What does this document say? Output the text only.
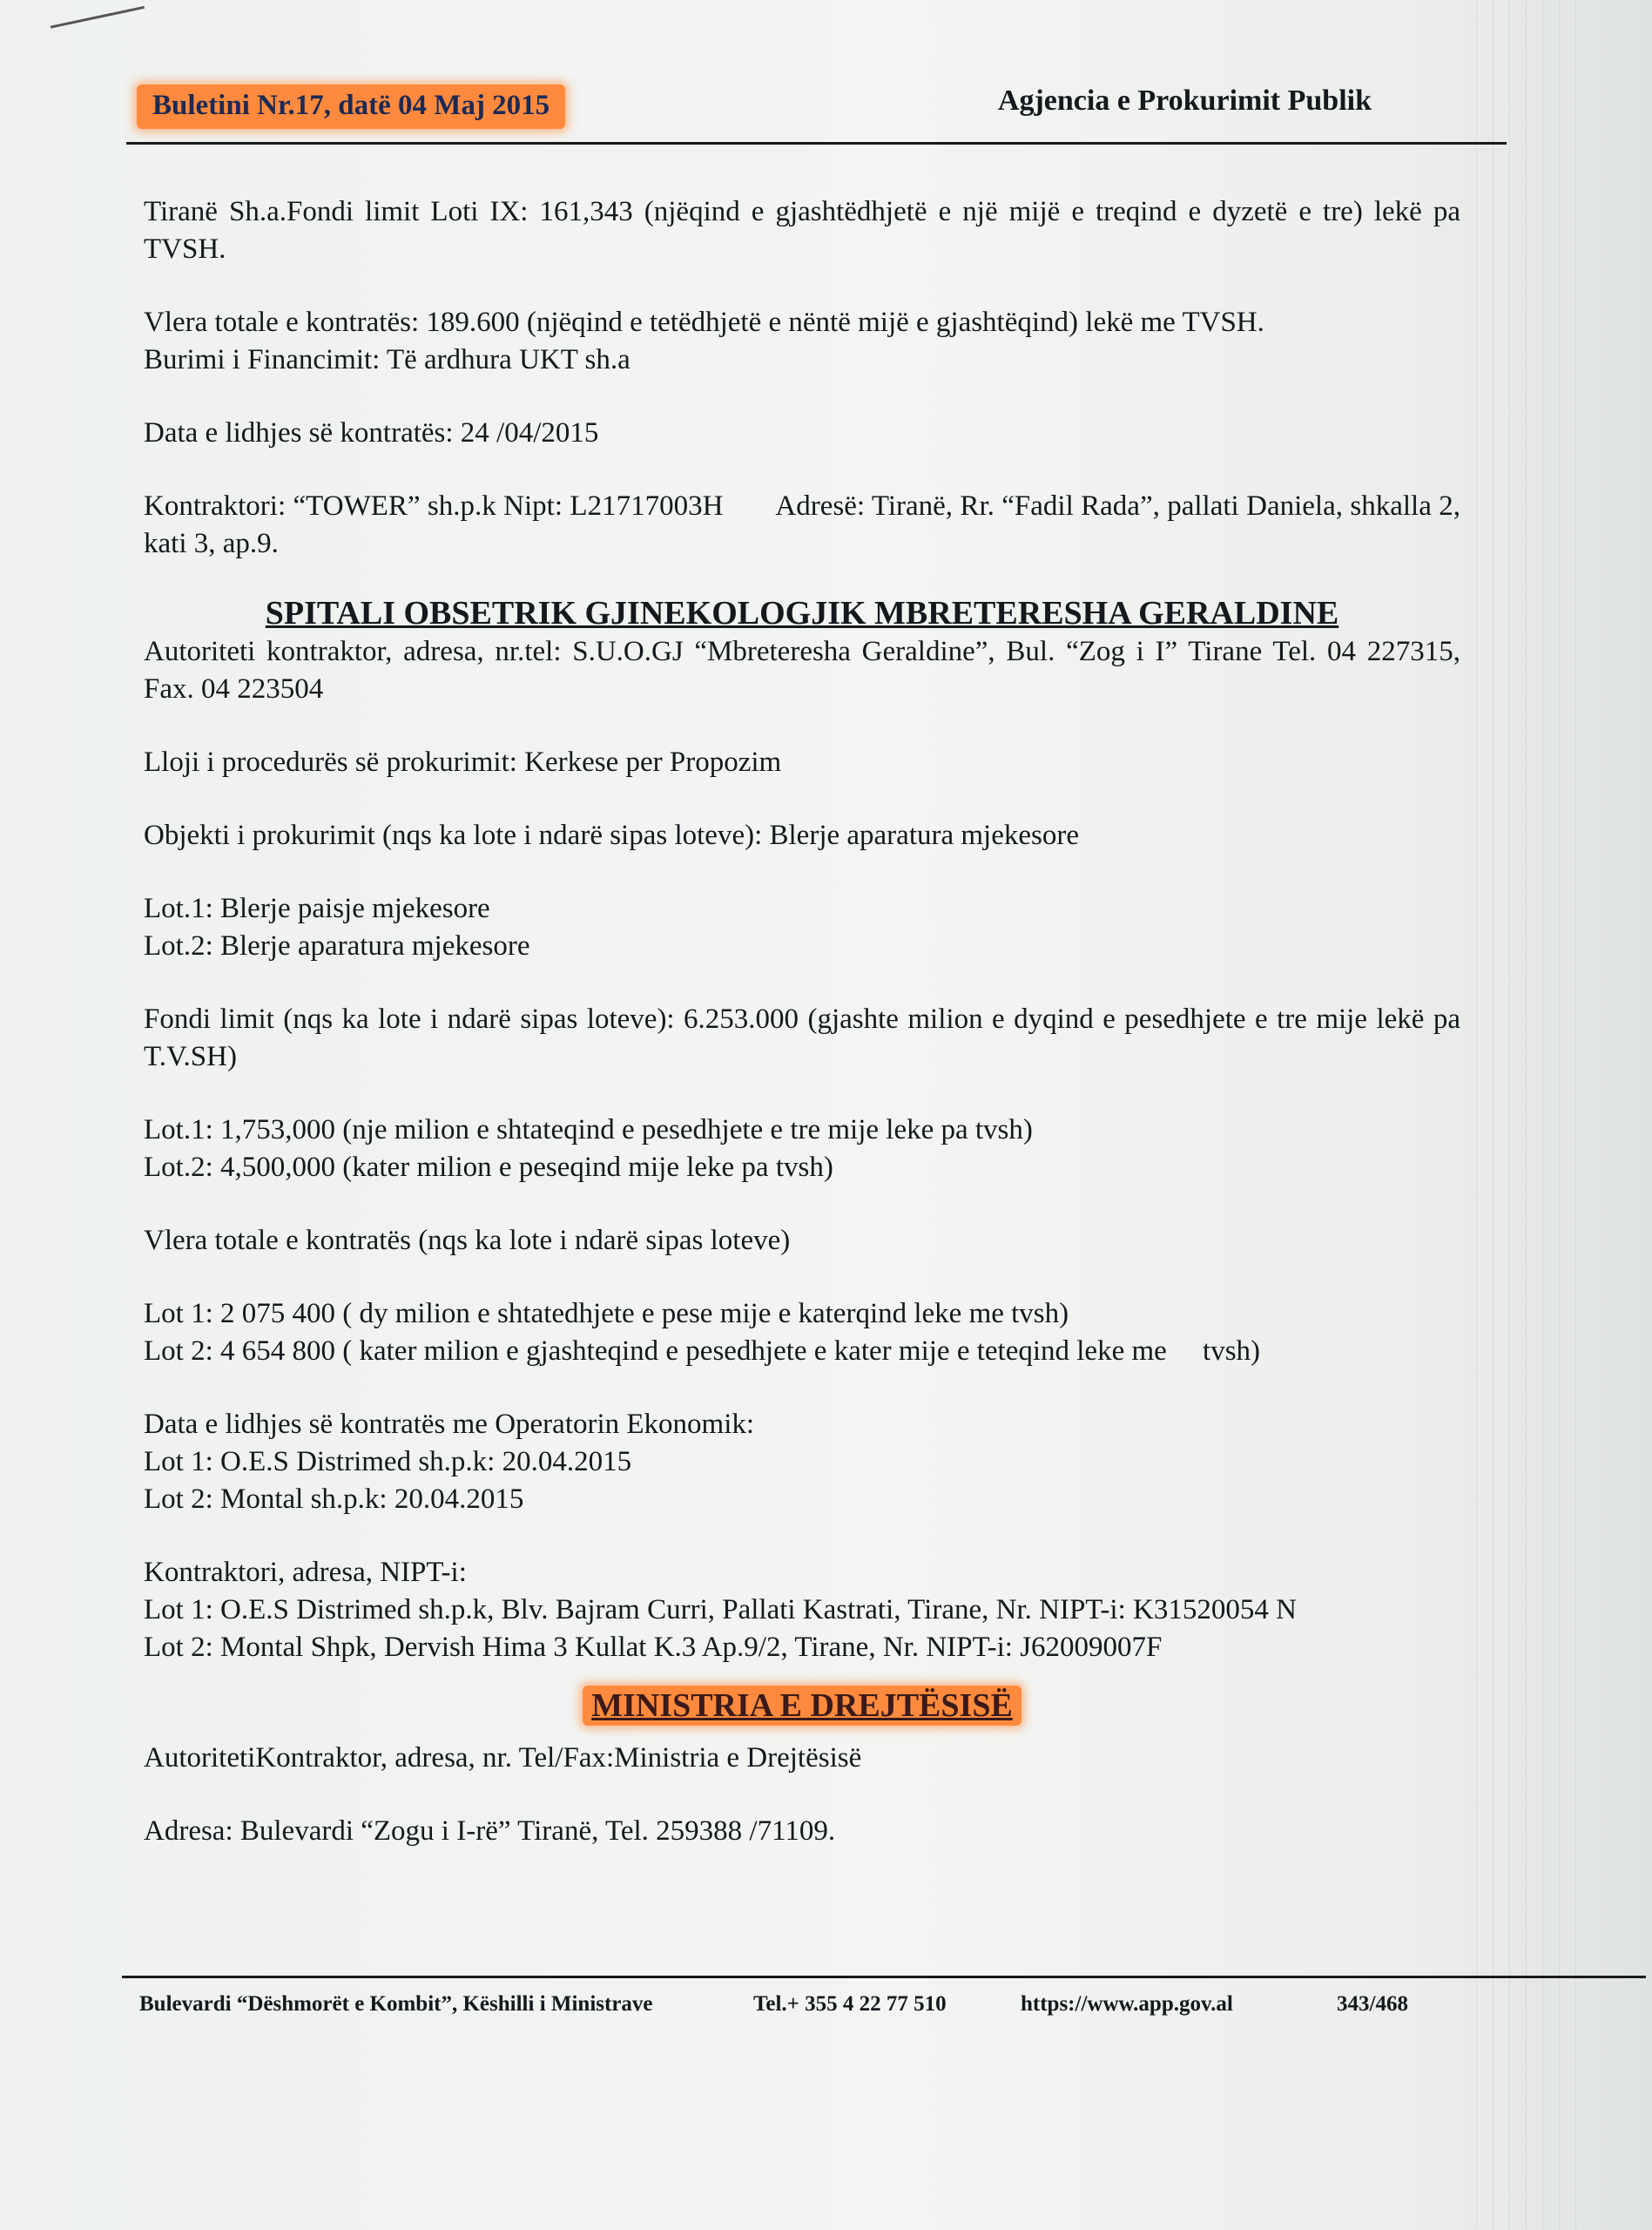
Buletini Nr.17, datë 04 Maj 2015	Agjencia e Prokurimit Publik

Tiranë Sh.a.Fondi limit Loti IX: 161,343 (njëqind e gjashtëdhjetë e një mijë e treqind e dyzetë e tre) lekë pa TVSH.

Vlera totale e kontratës: 189.600 (njëqind e tetëdhjetë e nëntë mijë e gjashtëqind) lekë me TVSH.
Burimi i Financimit: Të ardhura UKT sh.a

Data e lidhjes së kontratës: 24 /04/2015

Kontraktori: “TOWER” sh.p.k Nipt: L21717003H Adresë: Tiranë, Rr. “Fadil Rada”, pallati Daniela, shkalla 2, kati 3, ap.9.

SPITALI OBSETRIK GJINEKOLOGJIK MBRETERESHA GERALDINE

Autoriteti kontraktor, adresa, nr.tel: S.U.O.GJ “Mbreteresha Geraldine”, Bul. “Zog i I” Tirane Tel. 04 227315, Fax. 04 223504

Lloji i procedurës së prokurimit: Kerkese per Propozim

Objekti i prokurimit (nqs ka lote i ndarë sipas loteve): Blerje aparatura mjekesore

Lot.1: Blerje paisje mjekesore
Lot.2: Blerje aparatura mjekesore

Fondi limit (nqs ka lote i ndarë sipas loteve): 6.253.000 (gjashte milion e dyqind e pesedhjete e tre mije lekë pa T.V.SH)

Lot.1: 1,753,000 (nje milion e shtateqind e pesedhjete e tre mije leke pa tvsh)
Lot.2: 4,500,000 (kater milion e peseqind mije leke pa tvsh)

Vlera totale e kontratës (nqs ka lote i ndarë sipas loteve)

Lot 1: 2 075 400 ( dy milion e shtatedhjete e pese mije e katerqind leke me tvsh)
Lot 2: 4 654 800 ( kater milion e gjashteqind e pesedhjete e kater mije e teteqind leke me     tvsh)

Data e lidhjes së kontratës me Operatorin Ekonomik:
Lot 1: O.E.S Distrimed sh.p.k: 20.04.2015
Lot 2: Montal sh.p.k: 20.04.2015

Kontraktori, adresa, NIPT-i:

Lot 1: O.E.S Distrimed sh.p.k, Blv. Bajram Curri, Pallati Kastrati, Tirane, Nr. NIPT-i: K31520054 N
Lot 2: Montal Shpk, Dervish Hima 3 Kullat K.3 Ap.9/2, Tirane, Nr. NIPT-i: J62009007F

MINISTRIA E DREJTËSISË

AutoritetiKontraktor, adresa, nr. Tel/Fax:Ministria e Drejtësisë

Adresa: Bulevardi “Zogu i I-rë” Tiranë, Tel. 259388 /71109.

Bulevardi “Dëshmorët e Kombit”, Këshilli i Ministrave	Tel.+ 355 4 22 77 510	https://www.app.gov.al	343/468
